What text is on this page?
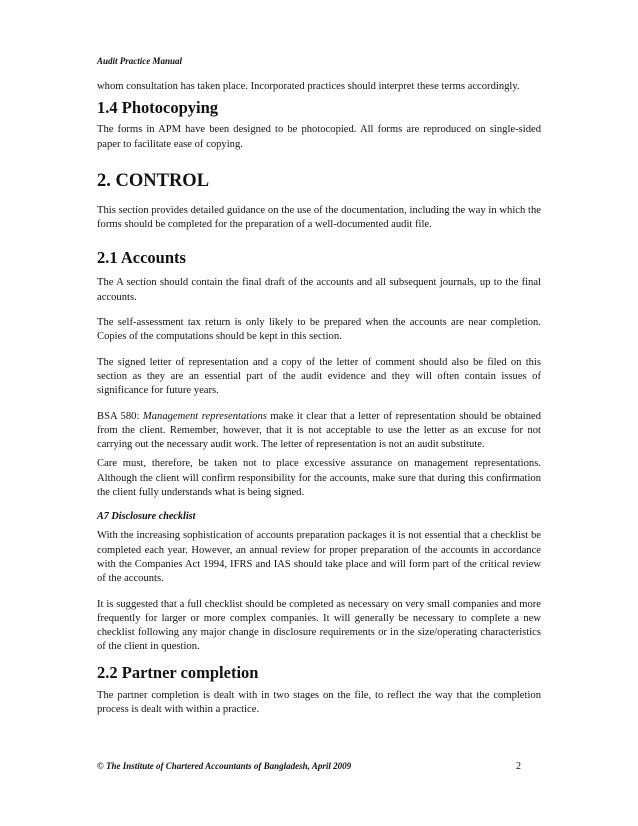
Audit Practice Manual

whom consultation has taken place. Incorporated practices should interpret these terms accordingly.

1.4 Photocopying

The forms in APM have been designed to be photocopied. All forms are reproduced on single-sided paper to facilitate ease of copying.

2. CONTROL

This section provides detailed guidance on the use of the documentation, including the way in which the forms should be completed for the preparation of a well-documented audit file.

2.1 Accounts

The A section should contain the final draft of the accounts and all subsequent journals, up to the final accounts.

The self-assessment tax return is only likely to be prepared when the accounts are near completion. Copies of the computations should be kept in this section.

The signed letter of representation and a copy of the letter of comment should also be filed on this section as they are an essential part of the audit evidence and they will often contain issues of significance for future years.

BSA 580: Management representations make it clear that a letter of representation should be obtained from the client. Remember, however, that it is not acceptable to use the letter as an excuse for not carrying out the necessary audit work. The letter of representation is not an audit substitute.

Care must, therefore, be taken not to place excessive assurance on management representations. Although the client will confirm responsibility for the accounts, make sure that during this confirmation the client fully understands what is being signed.

A7 Disclosure checklist

With the increasing sophistication of accounts preparation packages it is not essential that a checklist be completed each year. However, an annual review for proper preparation of the accounts in accordance with the Companies Act 1994, IFRS and IAS should take place and will form part of the critical review of the accounts.

It is suggested that a full checklist should be completed as necessary on very small companies and more frequently for larger or more complex companies. It will generally be necessary to complete a new checklist following any major change in disclosure requirements or in the size/operating characteristics of the client in question.

2.2 Partner completion

The partner completion is dealt with in two stages on the file, to reflect the way that the completion process is dealt with within a practice.

© The Institute of Chartered Accountants of Bangladesh, April 2009	2
